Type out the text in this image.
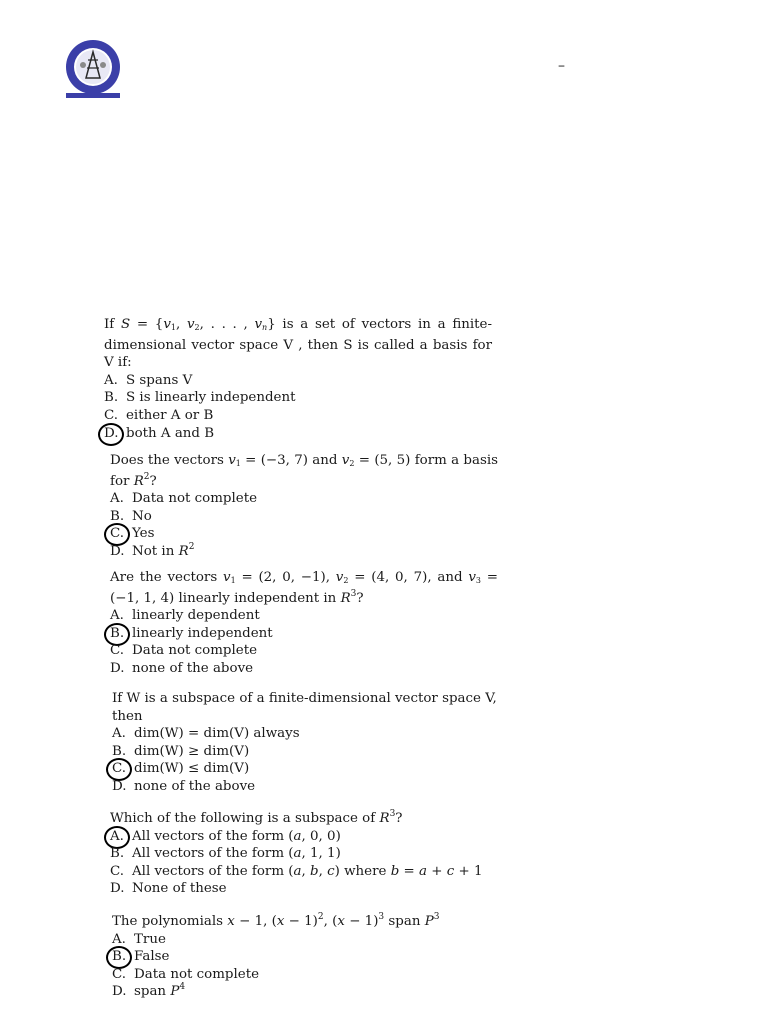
–

If $S = \{v_1$, $v_2$, . . . , $v_n$} is a set of vectors in a finite-dimensional vector space V , then S is called a basis for V if:

A. S spans V

B. S is linearly independent

C. either A or B

D. both A and B

Does the vectors $v_1 = (-3$, 7) and $v_2 = (5$, 5) form a basis for $R^2$?

A. Data not complete

B. No

C. Yes

D. Not in $R^2$

Are the vectors $v_1 = (2$, 0, −1), $v_2 = (4$, 0, 7), and $v_3 = (-1$, 1, 4) linearly independent in $R^3$?

A. linearly dependent

B. linearly independent

C. Data not complete

D. none of the above

If W is a subspace of a finite-dimensional vector space V, then

A. dim(W) = dim(V) always

B. dim(W) ≥ dim(V)

C. dim(W) ≤ dim(V)

D. none of the above

Which of the following is a subspace of $R^3$?

A. All vectors of the form (a, 0, 0)

B. All vectors of the form (a, 1, 1)

C. All vectors of the form (a, b, c) where b = a + c + 1

D. None of these

The polynomials x − 1, $(x - 1)^2$, $(x - 1)^3$ span $P^3$

A. True

B. False

C. Data not complete

D. span $P^4$
